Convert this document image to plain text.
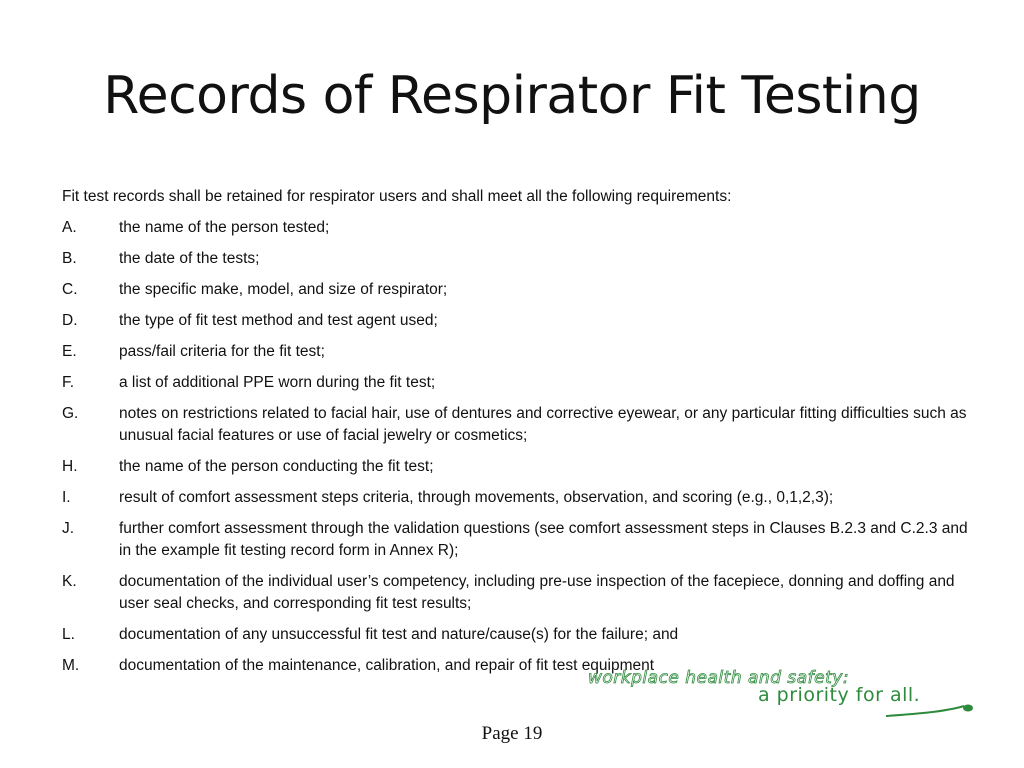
Records of Respirator Fit Testing

Fit test records shall be retained for respirator users and shall meet all the following requirements:

A.	the name of the person tested;
B.	the date of the tests;
C.	the specific make, model, and size of respirator;
D.	the type of fit test method and test agent used;
E.	pass/fail criteria for the fit test;
F.	a list of additional PPE worn during the fit test;
G.	notes on restrictions related to facial hair, use of dentures and corrective eyewear, or any particular fitting difficulties such as unusual facial features or use of facial jewelry or cosmetics;
H.	the name of the person conducting the fit test;
I.	result of comfort assessment steps criteria, through movements, observation, and scoring (e.g., 0,1,2,3);
J.	further comfort assessment through the validation questions (see comfort assessment steps in Clauses B.2.3 and C.2.3 and in the example fit testing record form in Annex R);
K.	documentation of the individual user’s competency, including pre-use inspection of the facepiece, donning and doffing and user seal checks, and corresponding fit test results;
L.	documentation of any unsuccessful fit test and nature/cause(s) for the failure; and
M.	documentation of the maintenance, calibration, and repair of fit test equipment
workplace health and safety:
a priority for all.
Page 19
